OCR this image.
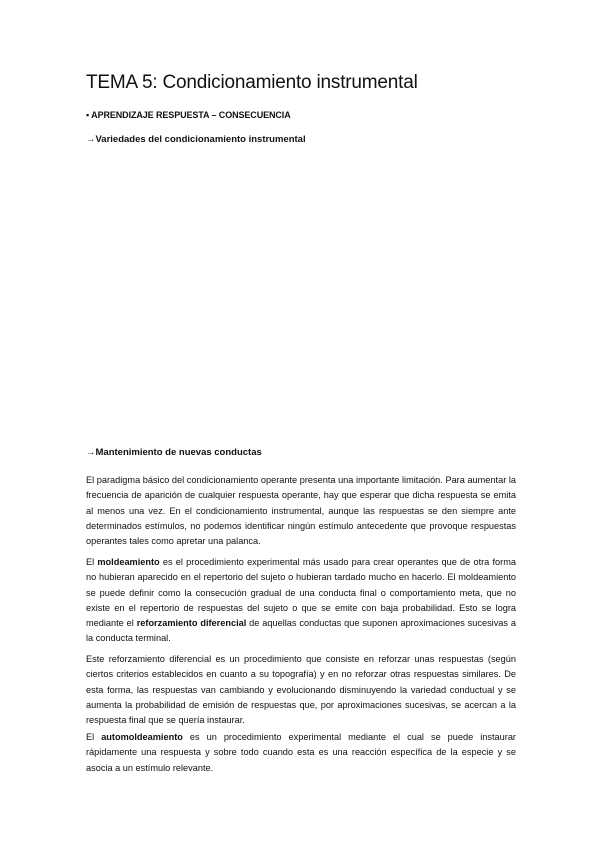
TEMA 5: Condicionamiento instrumental
▪ APRENDIZAJE RESPUESTA – CONSECUENCIA
→Variedades del condicionamiento instrumental
→Mantenimiento de nuevas conductas

El paradigma básico del condicionamiento operante presenta una importante limitación. Para aumentar la frecuencia de aparición de cualquier respuesta operante, hay que esperar que dicha respuesta se emita al menos una vez. En el condicionamiento instrumental, aunque las respuestas se den siempre ante determinados estímulos, no podemos identificar ningún estímulo antecedente que provoque respuestas operantes tales como apretar una palanca.

El moldeamiento es el procedimiento experimental más usado para crear operantes que de otra forma no hubieran aparecido en el repertorio del sujeto o hubieran tardado mucho en hacerlo. El moldeamiento se puede definir como la consecución gradual de una conducta final o comportamiento meta, que no existe en el repertorio de respuestas del sujeto o que se emite con baja probabilidad. Esto se logra mediante el reforzamiento diferencial de aquellas conductas que suponen aproximaciones sucesivas a la conducta terminal.

Este reforzamiento diferencial es un procedimiento que consiste en reforzar unas respuestas (según ciertos criterios establecidos en cuanto a su topografía) y en no reforzar otras respuestas similares. De esta forma, las respuestas van cambiando y evolucionando disminuyendo la variedad conductual y se aumenta la probabilidad de emisión de respuestas que, por aproximaciones sucesivas, se acercan a la respuesta final que se quería instaurar.

El automoldeamiento es un procedimiento experimental mediante el cual se puede instaurar rápidamente una respuesta y sobre todo cuando esta es una reacción específica de la especie y se asocia a un estímulo relevante.
